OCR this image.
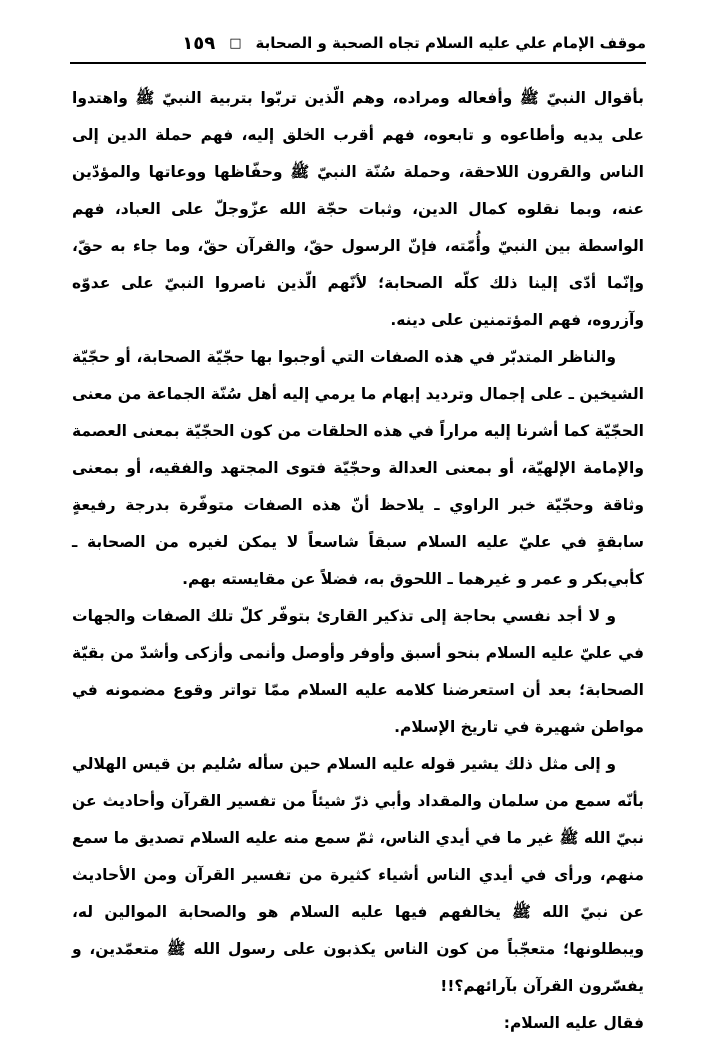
موقف الإمام علي عليه السلام تجاه الصحبة و الصحابة
□
١٥٩

بأقوال النبيّ ﷺ وأفعاله ومراده، وهم الّذين تربّوا بتربية النبيّ ﷺ واهتدوا على يديه وأطاعوه و تابعوه، فهم أقرب الخلق إليه، فهم حملة الدين إلى الناس والقرون اللاحقة، وحملة سُنّة النبيّ ﷺ وحفّاظها ووعاتها والمؤدّين عنه، وبما نقلوه كمال الدين، وثبات حجّة الله عزّوجلّ على العباد، فهم الواسطة بين النبيّ وأُمّته، فإنّ الرسول حقّ، والقرآن حقّ، وما جاء به حقّ، وإنّما أدّى إلينا ذلك كلّه الصحابة؛ لأنّهم الّذين ناصروا النبيّ على عدوّه وآزروه، فهم المؤتمنين على دينه.

والناظر المتدبّر في هذه الصفات التي أوجبوا بها حجّيّة الصحابة، أو حجّيّة الشيخين ـ على إجمال وترديد إبهام ما يرمي إليه أهل سُنّة الجماعة من معنى الحجّيّة كما أشرنا إليه مراراً في هذه الحلقات من كون الحجّيّة بمعنى العصمة والإمامة الإلهيّة، أو بمعنى العدالة وحجّيّة فتوى المجتهد والفقيه، أو بمعنى وثاقة وحجّيّة خبر الراوي ـ يلاحظ أنّ هذه الصفات متوفّرة بدرجة رفيعةٍ سابقةٍ في عليّ عليه السلام سبقاً شاسعاً لا يمكن لغيره من الصحابة ـ كأبي‌بكر و عمر و غيرهما ـ اللحوق به، فضلاً عن مقايسته بهم.

و لا أجد نفسي بحاجة إلى تذكير القارئ بتوفّر كلّ تلك الصفات والجهات في عليّ عليه السلام بنحو أسبق وأوفر وأوصل وأنمى وأزكى وأشدّ من بقيّة الصحابة؛ بعد أن استعرضنا كلامه عليه السلام ممّا تواتر وقوع مضمونه في مواطن شهيرة في تاريخ الإسلام.

و إلى مثل ذلك يشير قوله عليه السلام حين سأله سُليم بن قيس الهلالي بأنّه سمع من سلمان والمقداد وأبي ذرّ شيئاً من تفسير القرآن وأحاديث عن نبيّ الله ﷺ غير ما في أيدي الناس، ثمّ سمع منه عليه السلام تصديق ما سمع منهم، ورأى في أيدي الناس أشياء كثيرة من تفسير القرآن ومن الأحاديث عن نبيّ الله ﷺ يخالفهم فيها عليه السلام هو والصحابة الموالين له، ويبطلونها؛ متعجّباً من كون الناس يكذبون على رسول الله ﷺ متعمّدين، و يفسّرون القرآن بآرائهم؟!!

فقال عليه السلام:
